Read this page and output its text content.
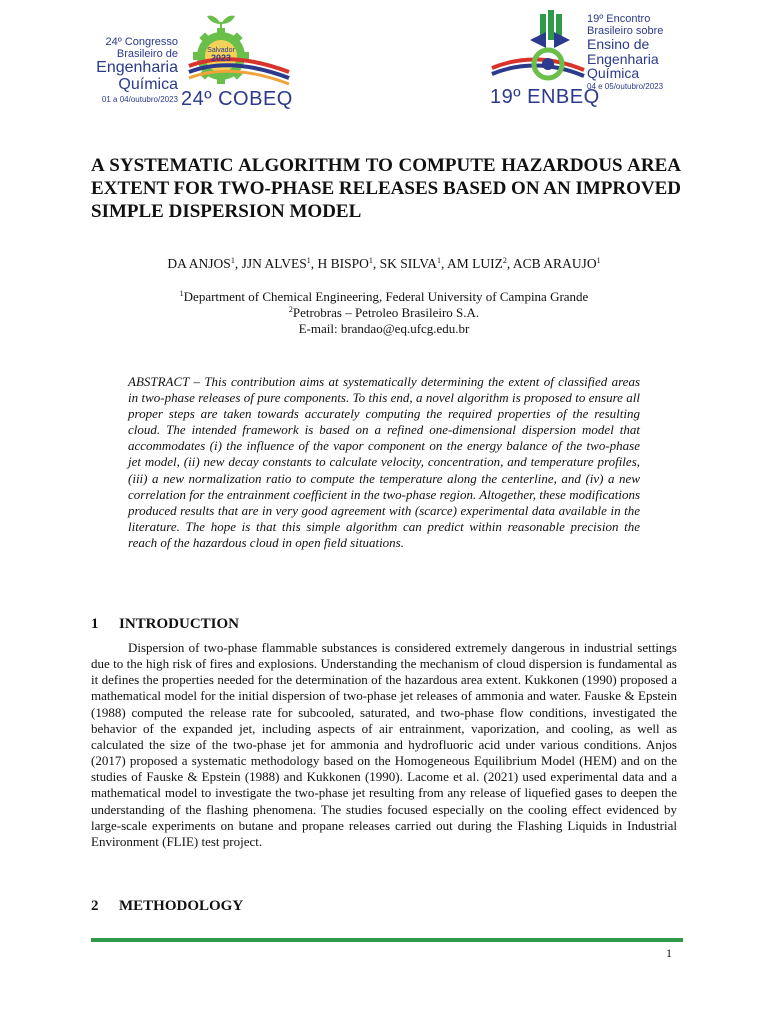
24º Congresso
Brasileiro de
Engenharia
Química
01 a 04/outubro/2023
Salvador
2023
24º COBEQ	19º ENBEQ
19º Encontro
Brasileiro sobre
Ensino de
Engenharia
Química
04 e 05/outubro/2023
A SYSTEMATIC ALGORITHM TO COMPUTE HAZARDOUS AREA EXTENT FOR TWO-PHASE RELEASES BASED ON AN IMPROVED SIMPLE DISPERSION MODEL
DA ANJOS$^1$, JJN ALVES$^1$, H BISPO$^1$, SK SILVA$^1$, AM LUIZ$^2$, ACB ARAUJO$^1$
$^1$Department of Chemical Engineering, Federal University of Campina Grande
$^2$Petrobras – Petroleo Brasileiro S.A.
E-mail: brandao@eq.ufcg.edu.br
ABSTRACT – This contribution aims at systematically determining the extent of classified areas in two-phase releases of pure components. To this end, a novel algorithm is proposed to ensure all proper steps are taken towards accurately computing the required properties of the resulting cloud. The intended framework is based on a refined one-dimensional dispersion model that accommodates (i) the influence of the vapor component on the energy balance of the two-phase jet model, (ii) new decay constants to calculate velocity, concentration, and temperature profiles, (iii) a new normalization ratio to compute the temperature along the centerline, and (iv) a new correlation for the entrainment coefficient in the two-phase region. Altogether, these modifications produced results that are in very good agreement with (scarce) experimental data available in the literature. The hope is that this simple algorithm can predict within reasonable precision the reach of the hazardous cloud in open field situations.
1 INTRODUCTION
Dispersion of two-phase flammable substances is considered extremely dangerous in industrial settings due to the high risk of fires and explosions. Understanding the mechanism of cloud dispersion is fundamental as it defines the properties needed for the determination of the hazardous area extent. Kukkonen (1990) proposed a mathematical model for the initial dispersion of two-phase jet releases of ammonia and water. Fauske & Epstein (1988) computed the release rate for subcooled, saturated, and two-phase flow conditions, investigated the behavior of the expanded jet, including aspects of air entrainment, vaporization, and cooling, as well as calculated the size of the two-phase jet for ammonia and hydrofluoric acid under various conditions. Anjos (2017) proposed a systematic methodology based on the Homogeneous Equilibrium Model (HEM) and on the studies of Fauske & Epstein (1988) and Kukkonen (1990). Lacome et al. (2021) used experimental data and a mathematical model to investigate the two-phase jet resulting from any release of liquefied gases to deepen the understanding of the flashing phenomena. The studies focused especially on the cooling effect evidenced by large-scale experiments on butane and propane releases carried out during the Flashing Liquids in Industrial Environment (FLIE) test project.
2 METHODOLOGY
1
